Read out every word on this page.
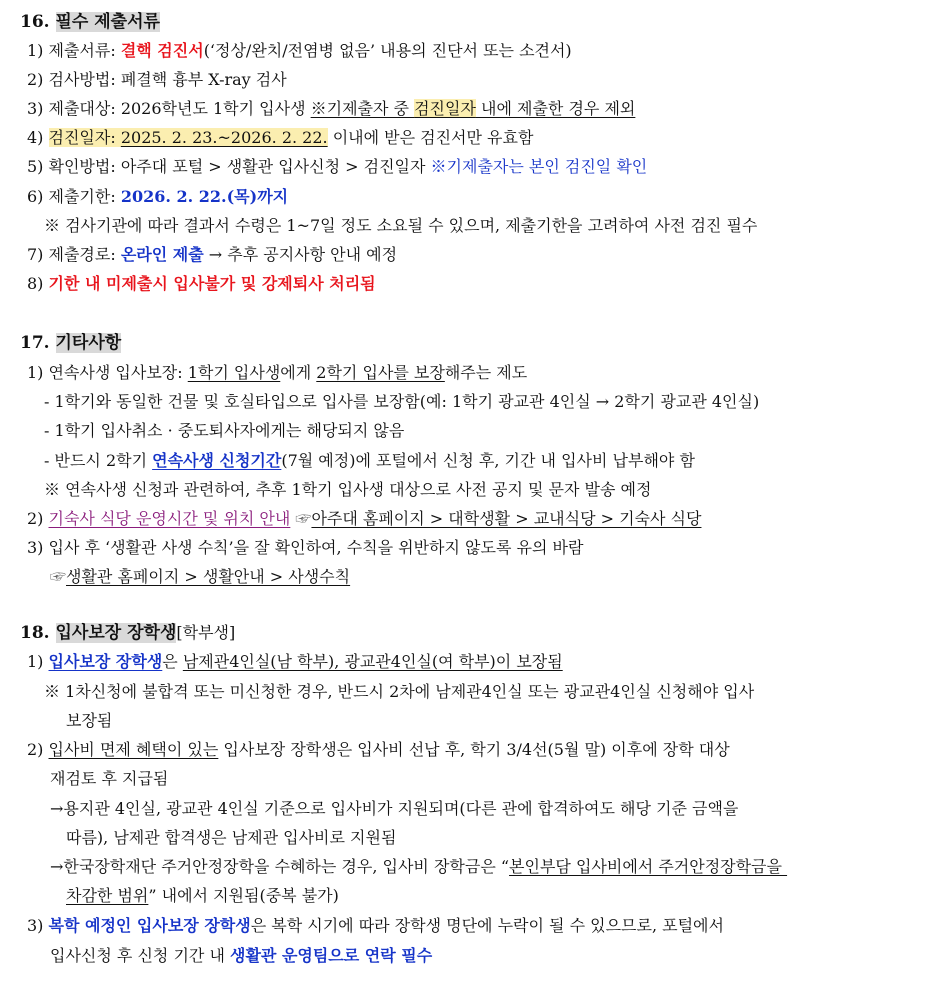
16. 필수 제출서류
1) 제출서류: 결핵 검진서(‘정상/완치/전염병 없음’ 내용의 진단서 또는 소견서)
2) 검사방법: 폐결핵 흉부 X-ray 검사
3) 제출대상: 2026학년도 1학기 입사생 ※기제출자 중 검진일자 내에 제출한 경우 제외
4) 검진일자: 2025. 2. 23.~2026. 2. 22. 이내에 받은 검진서만 유효함
5) 확인방법: 아주대 포털 > 생활관 입사신청 > 검진일자 ※기제출자는 본인 검진일 확인
6) 제출기한: 2026. 2. 22.(목)까지
※ 검사기관에 따라 결과서 수령은 1~7일 정도 소요될 수 있으며, 제출기한을 고려하여 사전 검진 필수
7) 제출경로: 온라인 제출 → 추후 공지사항 안내 예정
8) 기한 내 미제출시 입사불가 및 강제퇴사 처리됨
17. 기타사항
1) 연속사생 입사보장: 1학기 입사생에게 2학기 입사를 보장해주는 제도
- 1학기와 동일한 건물 및 호실타입으로 입사를 보장함(예: 1학기 광교관 4인실 → 2학기 광교관 4인실)
- 1학기 입사취소 · 중도퇴사자에게는 해당되지 않음
- 반드시 2학기 연속사생 신청기간(7월 예정)에 포털에서 신청 후, 기간 내 입사비 납부해야 함
※ 연속사생 신청과 관련하여, 추후 1학기 입사생 대상으로 사전 공지 및 문자 발송 예정
2) 기숙사 식당 운영시간 및 위치 안내 ☞아주대 홈페이지 > 대학생활 > 교내식당 > 기숙사 식당
3) 입사 후 ‘생활관 사생 수칙’을 잘 확인하여, 수칙을 위반하지 않도록 유의 바람
☞생활관 홈페이지 > 생활안내 > 사생수칙
18. 입사보장 장학생[학부생]
1) 입사보장 장학생은 남제관4인실(남 학부), 광교관4인실(여 학부)이 보장됨
※ 1차신청에 불합격 또는 미신청한 경우, 반드시 2차에 남제관4인실 또는 광교관4인실 신청해야 입사
보장됨
2) 입사비 면제 혜택이 있는 입사보장 장학생은 입사비 선납 후, 학기 3/4선(5월 말) 이후에 장학 대상
재검토 후 지급됨
→용지관 4인실, 광교관 4인실 기준으로 입사비가 지원되며(다른 관에 합격하여도 해당 기준 금액을
따름), 남제관 합격생은 남제관 입사비로 지원됨
→한국장학재단 주거안정장학을 수혜하는 경우, 입사비 장학금은 “본인부담 입사비에서 주거안정장학금을
차감한 범위” 내에서 지원됨(중복 불가)
3) 복학 예정인 입사보장 장학생은 복학 시기에 따라 장학생 명단에 누락이 될 수 있으므로, 포털에서
입사신청 후 신청 기간 내 생활관 운영팀으로 연락 필수
